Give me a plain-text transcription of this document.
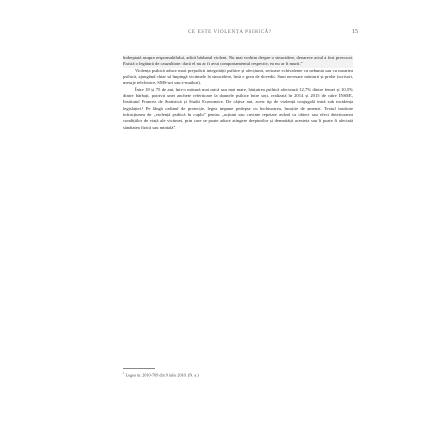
CE ESTE VIOLENȚA PSIHICĂ?	15

îndreptată asupra responsabilului, adică bărbatul violent. Nu mai vorbim despre o sinucidere, deoarece actul a fost provocat. Există o legătură de cauzalitate: dacă el nu ar fi avut comportamentul respectiv, ea nu ar fi murit.”

Violența psihică aduce mari prejudicii integrității psihice și afecțiunii, serioase echivalente cu nebunia sau cu moartea psihică, ajungând chiar să împingă victimele la sinucidere, însă e greu de dovedit. Sunt necesare mărturii și probe (scrisori, mesaje telefonice, SMS-uri sau e-mailuri).

Între 18 și 75 de ani, într-o măsură mai mică sau mai mare, hărțuirea psihică afectează 12,7% dintre femei și 10,5% dintre bărbați, potrivit unei anchete referitoare la daunele psihice între soți, realizată în 2014 și 2015 de către INSEE, Institutul Francez de Statistică și Studii Economice. De câțiva ani, acest tip de violență conjugală intră sub incidența legislației.¹ Pe lângă ordinul de protecție, legea impune pedepse cu închisoarea, însoțite de amenzi. Textul instituie infracțiunea de „violență psihică în cuplu” pentru „acțiuni sau cuvinte repetate având ca obiect sau efect deteriorarea condițiilor de viață ale victimei, prin care se poate aduce atingere drepturilor și demnității acesteia sau îi poate fi afectată sănătatea fizică sau mintală”.

$^1$ Legea nr. 2010-769 din 9 iulie 2010. (N. a.)
